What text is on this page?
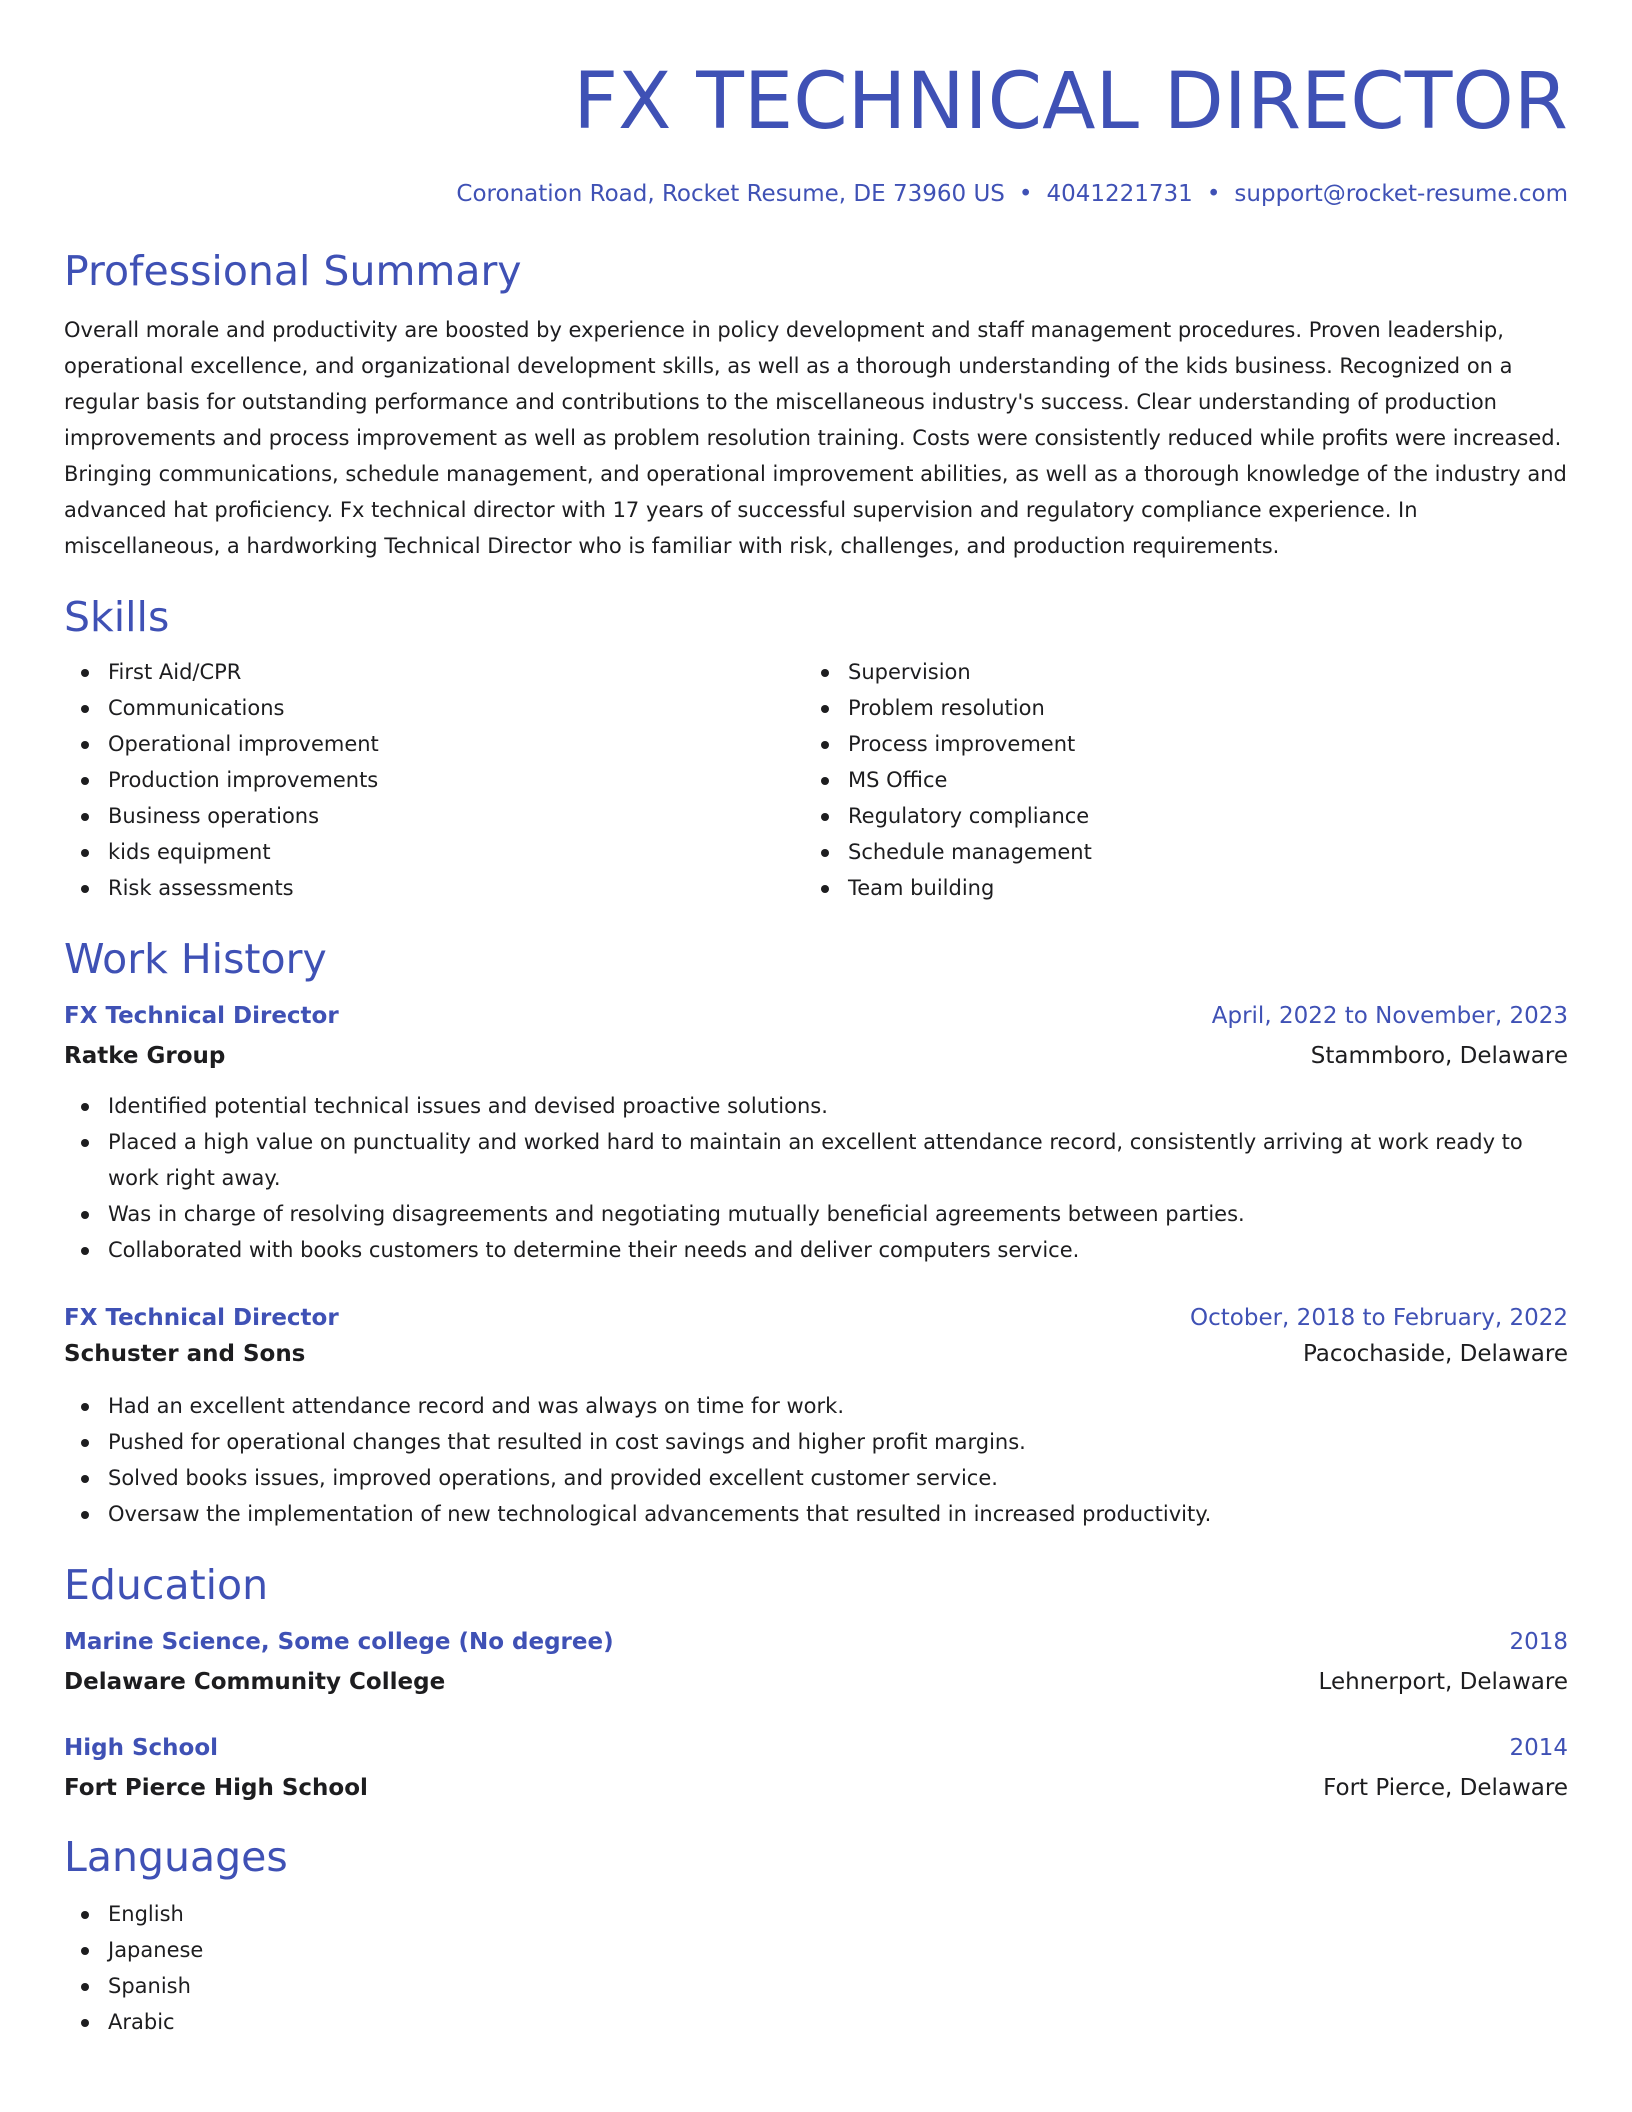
FX TECHNICAL DIRECTOR
Coronation Road, Rocket Resume, DE 73960 US • 4041221731 • support@rocket-resume.com
Professional Summary

Overall morale and productivity are boosted by experience in policy development and staff management procedures. Proven leadership, operational excellence, and organizational development skills, as well as a thorough understanding of the kids business. Recognized on a regular basis for outstanding performance and contributions to the miscellaneous industry's success. Clear understanding of production improvements and process improvement as well as problem resolution training. Costs were consistently reduced while profits were increased. Bringing communications, schedule management, and operational improvement abilities, as well as a thorough knowledge of the industry and advanced hat proficiency. Fx technical director with 17 years of successful supervision and regulatory compliance experience. In miscellaneous, a hardworking Technical Director who is familiar with risk, challenges, and production requirements.

Skills
First Aid/CPR
Communications
Operational improvement
Production improvements
Business operations
kids equipment
Risk assessments
Supervision
Problem resolution
Process improvement
MS Office
Regulatory compliance
Schedule management
Team building
Work History
FX Technical Director	April, 2022 to November, 2023
Ratke Group	Stammboro, Delaware
Identified potential technical issues and devised proactive solutions.
Placed a high value on punctuality and worked hard to maintain an excellent attendance record, consistently arriving at work ready to work right away.
Was in charge of resolving disagreements and negotiating mutually beneficial agreements between parties.
Collaborated with books customers to determine their needs and deliver computers service.
FX Technical Director	October, 2018 to February, 2022
Schuster and Sons	Pacochaside, Delaware
Had an excellent attendance record and was always on time for work.
Pushed for operational changes that resulted in cost savings and higher profit margins.
Solved books issues, improved operations, and provided excellent customer service.
Oversaw the implementation of new technological advancements that resulted in increased productivity.
Education
Marine Science, Some college (No degree)	2018
Delaware Community College	Lehnerport, Delaware
High School	2014
Fort Pierce High School	Fort Pierce, Delaware
Languages
English
Japanese
Spanish
Arabic
